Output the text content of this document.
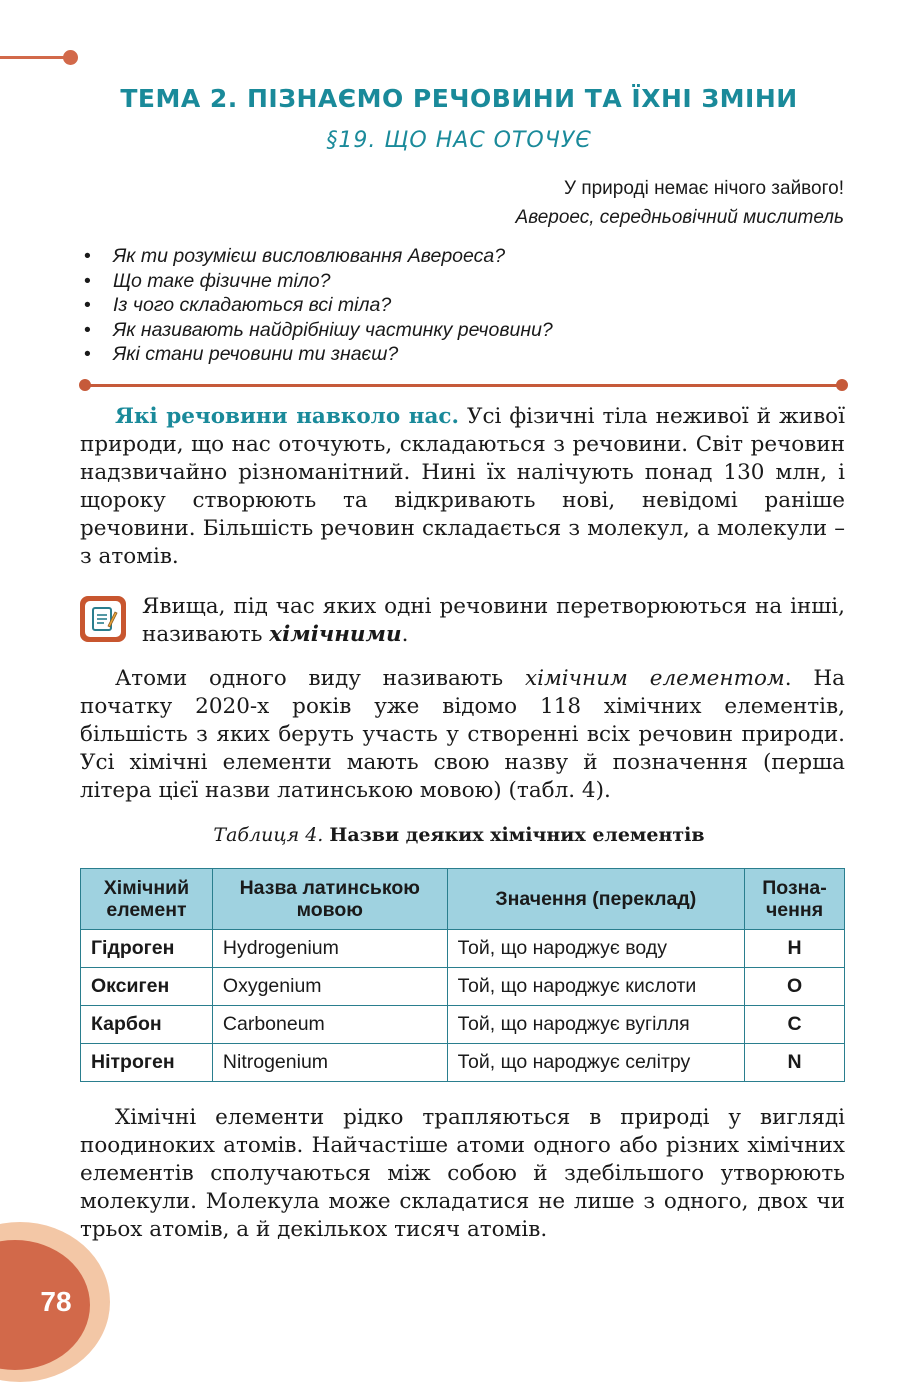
ТЕМА 2. ПІЗНАЄМО РЕЧОВИНИ ТА ЇХНІ ЗМІНИ
§19. ЩО НАС ОТОЧУЄ
У природі немає нічого зайвого!
Авероес, середньовічний мислитель
• Як ти розумієш висловлювання Авероеса?
• Що таке фізичне тіло?
• Із чого складаються всі тіла?
• Як називають найдрібнішу частинку речовини?
• Які стани речовини ти знаєш?

Які речовини навколо нас. Усі фізичні тіла неживої й живої природи, що нас оточують, складаються з речовини. Світ речовин надзвичайно різноманітний. Нині їх налічують понад 130 млн, і щороку створюють та відкривають нові, невідомі раніше речовини. Більшість речовин складається з молекул, а молекули – з атомів.

Явища, під час яких одні речовини перетворюються на інші, називають хімічними.

Атоми одного виду називають хімічним елементом. На початку 2020-х років уже відомо 118 хімічних елементів, більшість з яких беруть участь у створенні всіх речовин природи. Усі хімічні елементи мають свою назву й позначення (перша літера цієї назви латинською мовою) (табл. 4).

Таблиця 4. Назви деяких хімічних елементів
Хімічний елемент	Назва латинською мовою	Значення (переклад)	Позна-чення
Гідроген	Hydrogenium	Той, що народжує воду	H
Оксиген	Oxygenium	Той, що народжує кислоти	O
Карбон	Carboneum	Той, що народжує вугілля	C
Нітроген	Nitrogenium	Той, що народжує селітру	N

Хімічні елементи рідко трапляються в природі у вигляді поодиноких атомів. Найчастіше атоми одного або різних хімічних елементів сполучаються між собою й здебільшого утворюють молекули. Молекула може складатися не лише з одного, двох чи трьох атомів, а й декількох тисяч атомів.

78
